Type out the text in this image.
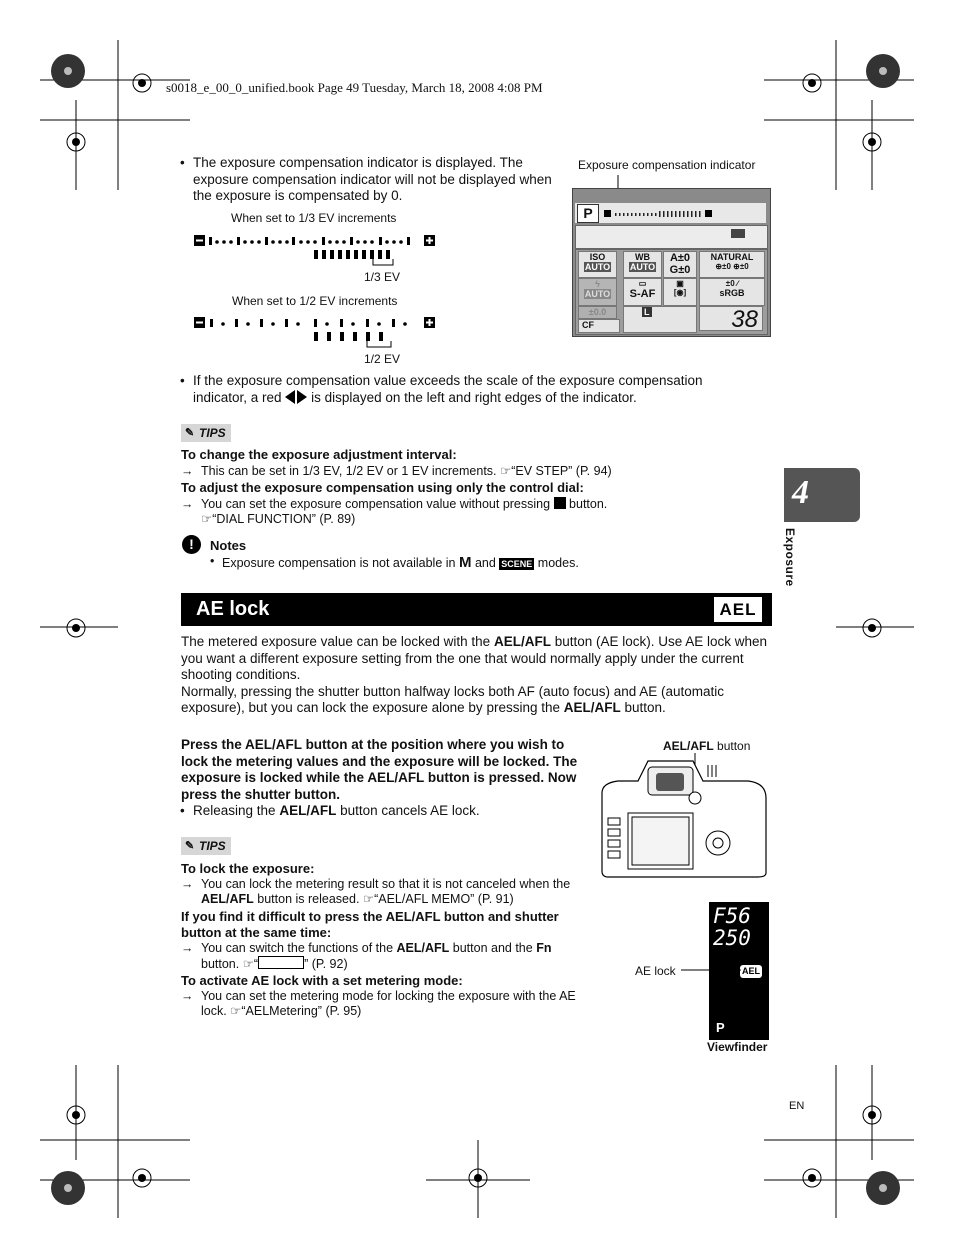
s0018_e_00_0_unified.book Page 49 Tuesday, March 18, 2008 4:08 PM
• The exposure compensation indicator is displayed. The exposure compensation indicator will not be displayed when the exposure is compensated by 0.
When set to 1/3 EV increments
1/3 EV
When set to 1/2 EV increments
1/2 EV
Exposure compensation indicator
P
ISO
AUTO
WB
AUTO
A±0
G±0
NATURAL
⊕±0 ⊕±0
ϟ
AUTO
▭
S-AF
▣
[◉]
±0 ∕
sRGB
±0.0
CF
L	38
• If the exposure compensation value exceeds the scale of the exposure compensation indicator, a red is displayed on the left and right edges of the indicator.
✎ TIPS
To change the exposure adjustment interval:
→ This can be set in 1/3 EV, 1/2 EV or 1 EV increments. ☞“EV STEP” (P. 94)
To adjust the exposure compensation using only the control dial:
→ You can set the exposure compensation value without pressing button.
☞“DIAL FUNCTION” (P. 89)
!	Notes
• Exposure compensation is not available in M and SCENE modes.
AE lock	AEL
The metered exposure value can be locked with the AEL/AFL button (AE lock). Use AE lock when you want a different exposure setting from the one that would normally apply under the current shooting conditions.
Normally, pressing the shutter button halfway locks both AF (auto focus) and AE (automatic exposure), but you can lock the exposure alone by pressing the AEL/AFL button.
Press the AEL/AFL button at the position where you wish to lock the metering values and the exposure will be locked. The exposure is locked while the AEL/AFL button is pressed. Now press the shutter button.
• Releasing the AEL/AFL button cancels AE lock.
AEL/AFL button
✎ TIPS
To lock the exposure:
→ You can lock the metering result so that it is not canceled when the AEL/AFL button is released. ☞“AEL/AFL MEMO” (P. 91)
If you find it difficult to press the AEL/AFL button and shutter button at the same time:
→ You can switch the functions of the AEL/AFL button and the Fn
button. ☞“	” (P. 92)
To activate AE lock with a set metering mode:
→ You can set the metering mode for locking the exposure with the AE lock. ☞“AELMetering” (P. 95)
F56
250
AEL
P
AE lock
Viewfinder
4
Exposure
EN
